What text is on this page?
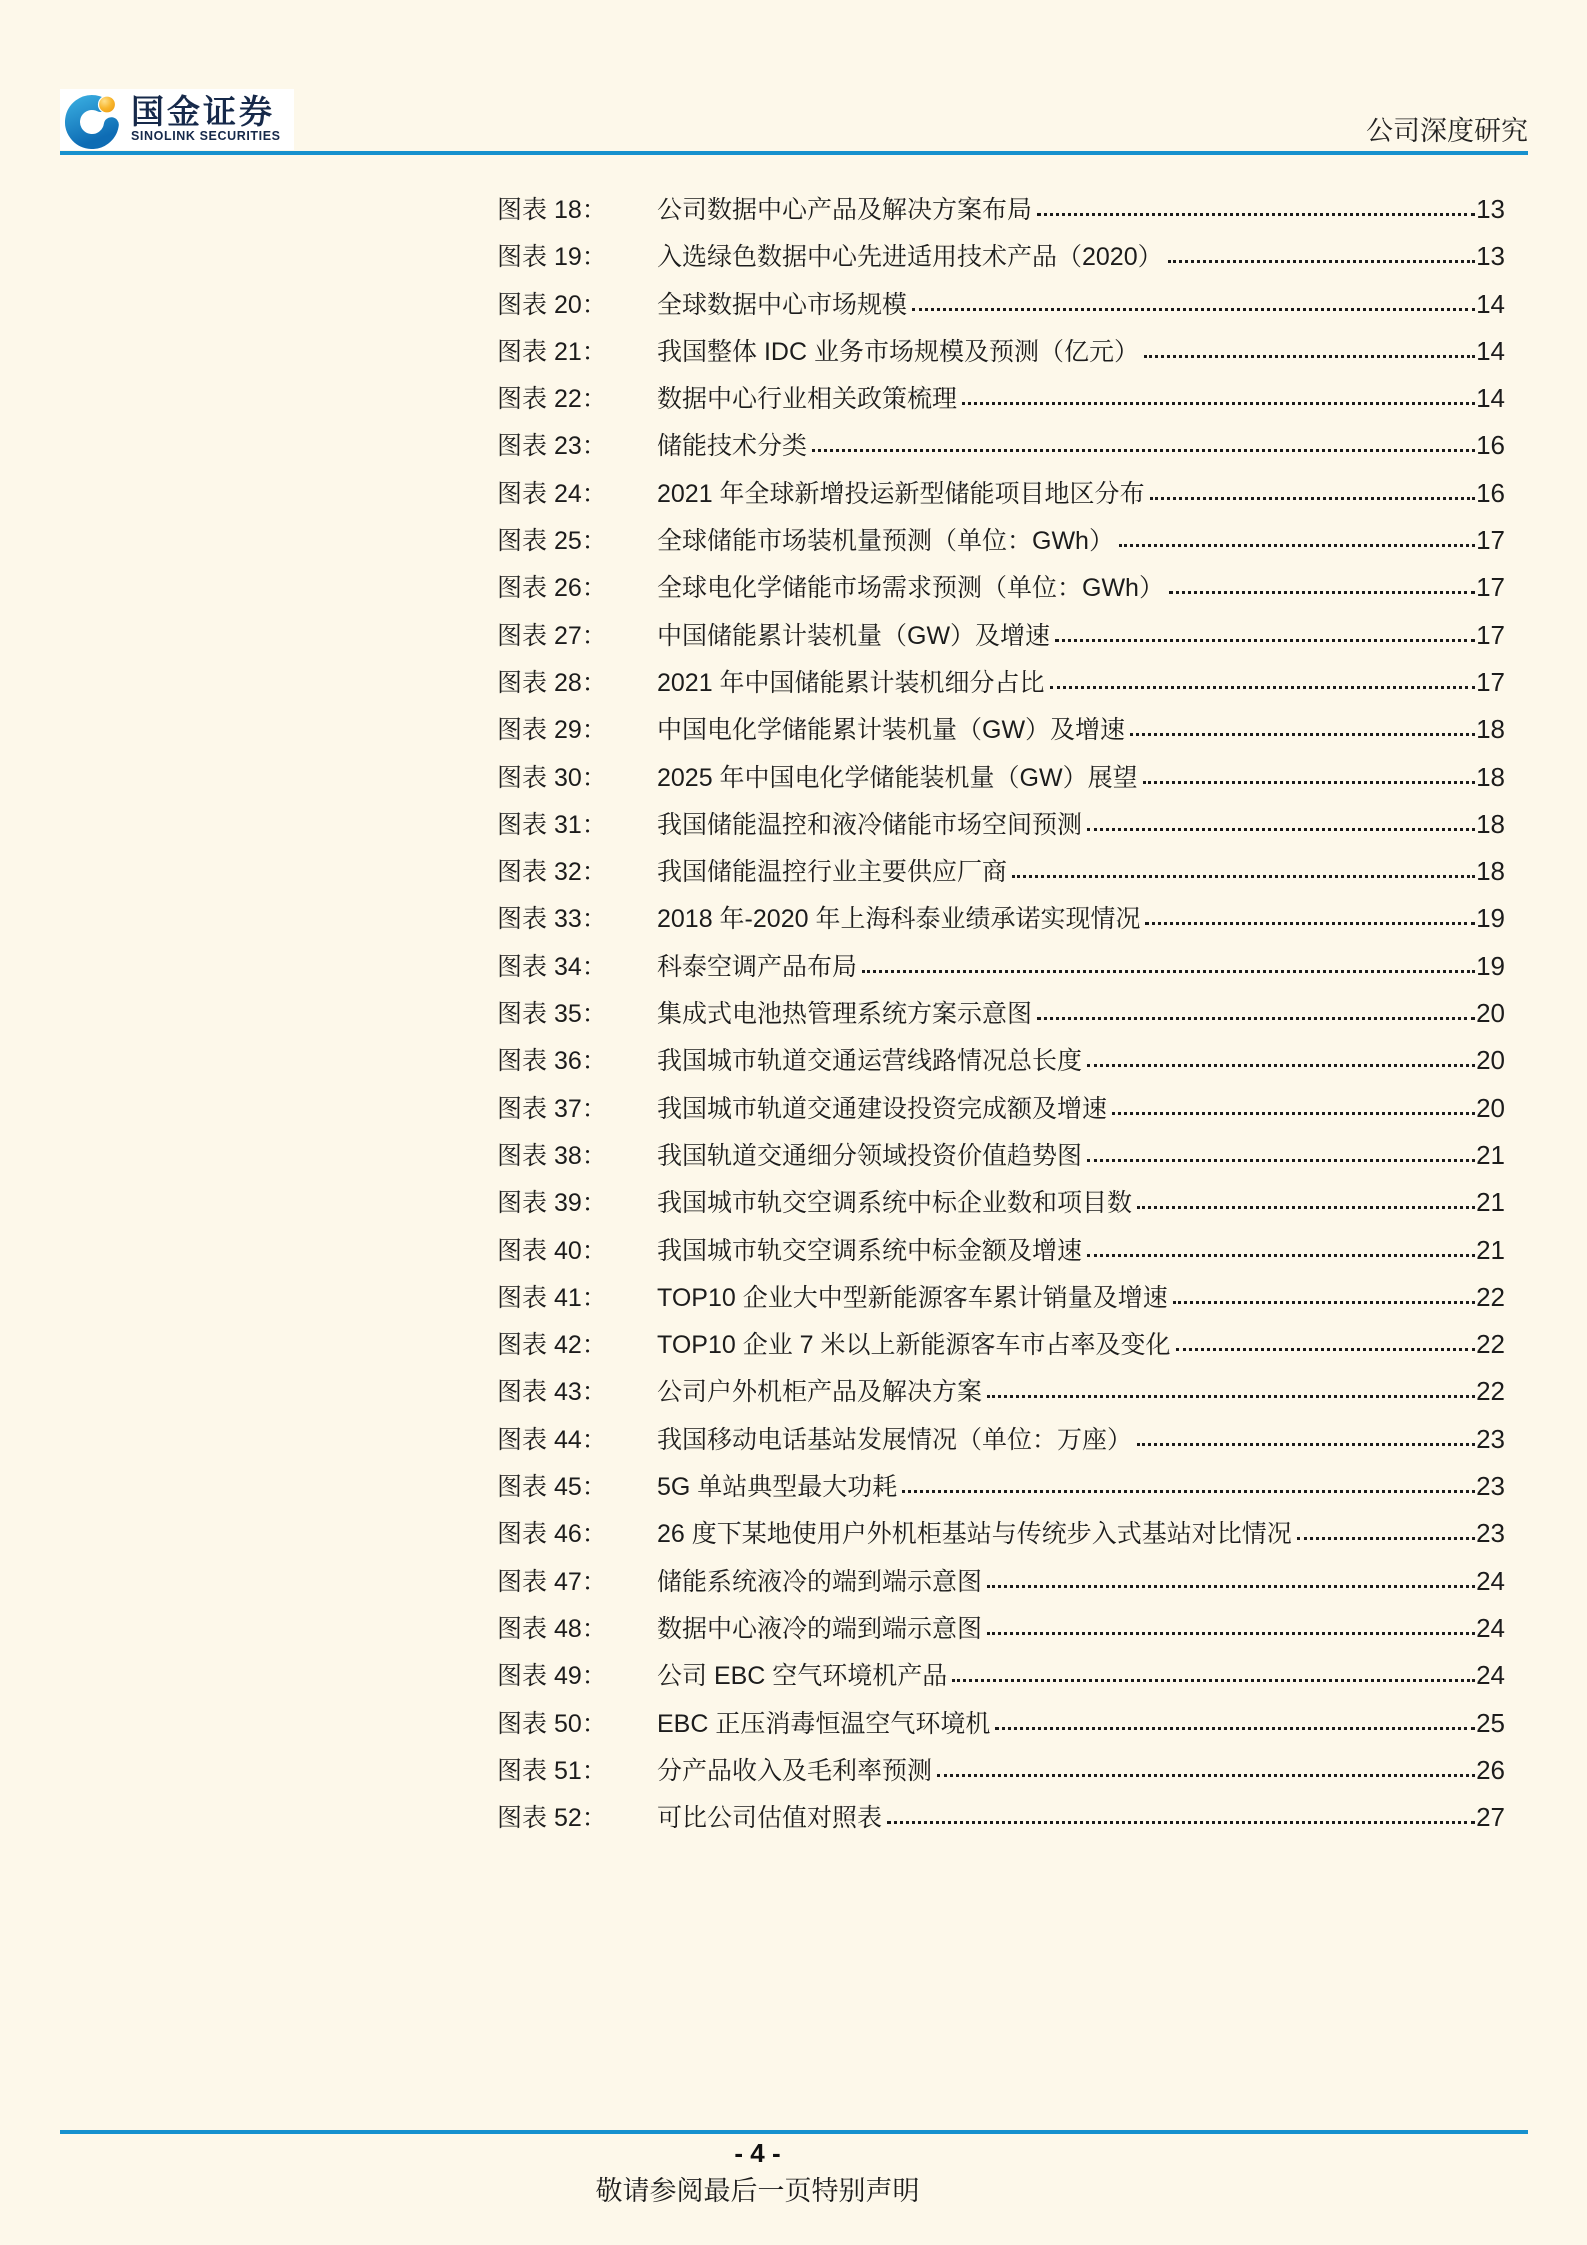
国金证券
SINOLINK SECURITIES	公司深度研究
图表 18：	公司数据中心产品及解决方案布局	13
图表 19：	入选绿色数据中心先进适用技术产品（2020）	13
图表 20：	全球数据中心市场规模	14
图表 21：	我国整体 IDC 业务市场规模及预测（亿元）	14
图表 22：	数据中心行业相关政策梳理	14
图表 23：	储能技术分类	16
图表 24：	2021 年全球新增投运新型储能项目地区分布	16
图表 25：	全球储能市场装机量预测（单位：GWh）	17
图表 26：	全球电化学储能市场需求预测（单位：GWh）	17
图表 27：	中国储能累计装机量（GW）及增速	17
图表 28：	2021 年中国储能累计装机细分占比	17
图表 29：	中国电化学储能累计装机量（GW）及增速	18
图表 30：	2025 年中国电化学储能装机量（GW）展望	18
图表 31：	我国储能温控和液冷储能市场空间预测	18
图表 32：	我国储能温控行业主要供应厂商	18
图表 33：	2018 年-2020 年上海科泰业绩承诺实现情况	19
图表 34：	科泰空调产品布局	19
图表 35：	集成式电池热管理系统方案示意图	20
图表 36：	我国城市轨道交通运营线路情况总长度	20
图表 37：	我国城市轨道交通建设投资完成额及增速	20
图表 38：	我国轨道交通细分领域投资价值趋势图	21
图表 39：	我国城市轨交空调系统中标企业数和项目数	21
图表 40：	我国城市轨交空调系统中标金额及增速	21
图表 41：	TOP10 企业大中型新能源客车累计销量及增速	22
图表 42：	TOP10 企业 7 米以上新能源客车市占率及变化	22
图表 43：	公司户外机柜产品及解决方案	22
图表 44：	我国移动电话基站发展情况（单位：万座）	23
图表 45：	5G 单站典型最大功耗	23
图表 46：	26 度下某地使用户外机柜基站与传统步入式基站对比情况	23
图表 47：	储能系统液冷的端到端示意图	24
图表 48：	数据中心液冷的端到端示意图	24
图表 49：	公司 EBC 空气环境机产品	24
图表 50：	EBC 正压消毒恒温空气环境机	25
图表 51：	分产品收入及毛利率预测	26
图表 52：	可比公司估值对照表	27
- 4 -
敬请参阅最后一页特别声明
